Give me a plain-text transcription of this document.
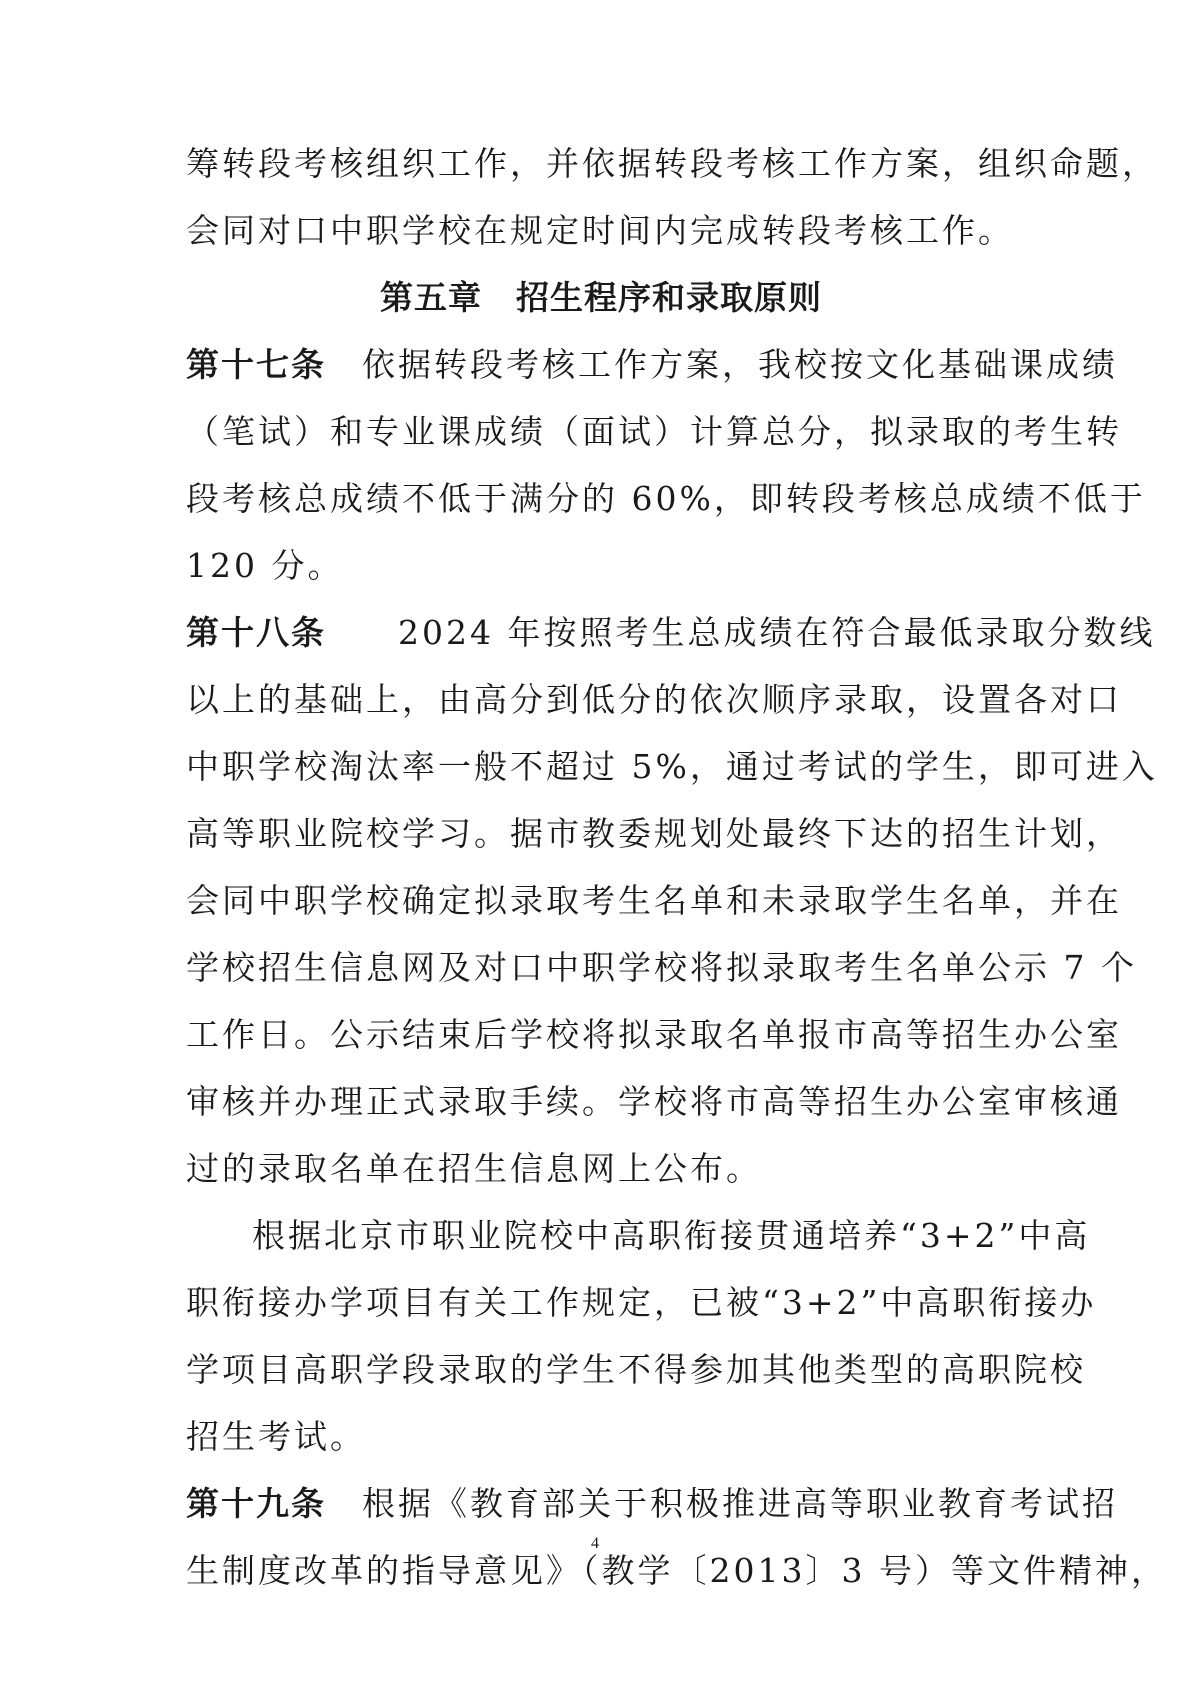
筹转段考核组织工作，并依据转段考核工作方案，组织命题，
会同对口中职学校在规定时间内完成转段考核工作。
第五章　招生程序和录取原则
第十七条　 依据转段考核工作方案，我校按文化基础课成绩
（笔试）和专业课成绩（面试）计算总分，拟录取的考生转
段考核总成绩不低于满分的 60%，即转段考核总成绩不低于
120 分。
第十八条　　 2024 年按照考生总成绩在符合最低录取分数线
以上的基础上，由高分到低分的依次顺序录取，设置各对口
中职学校淘汰率一般不超过 5%，通过考试的学生，即可进入
高等职业院校学习。据市教委规划处最终下达的招生计划，
会同中职学校确定拟录取考生名单和未录取学生名单，并在
学校招生信息网及对口中职学校将拟录取考生名单公示 7 个
工作日。公示结束后学校将拟录取名单报市高等招生办公室
审核并办理正式录取手续。学校将市高等招生办公室审核通
过的录取名单在招生信息网上公布。
根据北京市职业院校中高职衔接贯通培养“3+2”中高
职衔接办学项目有关工作规定，已被“3+2”中高职衔接办
学项目高职学段录取的学生不得参加其他类型的高职院校
招生考试。
第十九条　 根据《教育部关于积极推进高等职业教育考试招
生制度改革的指导意见》（教学〔2013〕3 号）等文件精神，
4
